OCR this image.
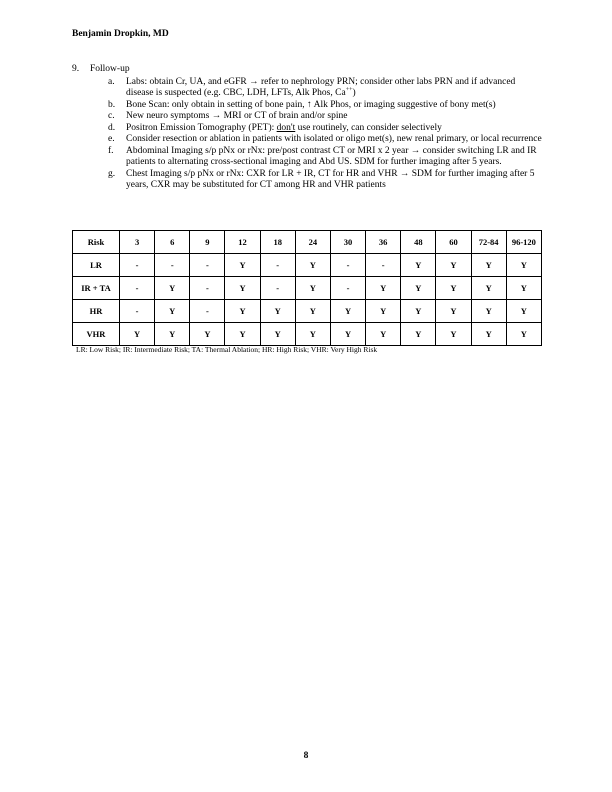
Benjamin Dropkin, MD
9.	Follow-up
a.	Labs: obtain Cr, UA, and eGFR → refer to nephrology PRN; consider other labs PRN and if advanced disease is suspected (e.g. CBC, LDH, LFTs, Alk Phos, Ca++)
b.	Bone Scan: only obtain in setting of bone pain, ↑ Alk Phos, or imaging suggestive of bony met(s)
c.	New neuro symptoms → MRI or CT of brain and/or spine
d.	Positron Emission Tomography (PET): don't use routinely, can consider selectively
e.	Consider resection or ablation in patients with isolated or oligo met(s), new renal primary, or local recurrence
f.	Abdominal Imaging s/p pNx or rNx: pre/post contrast CT or MRI x 2 year → consider switching LR and IR patients to alternating cross-sectional imaging and Abd US. SDM for further imaging after 5 years.
g.	Chest Imaging s/p pNx or rNx: CXR for LR + IR, CT for HR and VHR → SDM for further imaging after 5 years, CXR may be substituted for CT among HR and VHR patients
Risk	3	6	9	12	18	24	30	36	48	60	72-84	96-120
LR	-	-	-	Y	-	Y	-	-	Y	Y	Y	Y
IR + TA	-	Y	-	Y	-	Y	-	Y	Y	Y	Y	Y
HR	-	Y	-	Y	Y	Y	Y	Y	Y	Y	Y	Y
VHR	Y	Y	Y	Y	Y	Y	Y	Y	Y	Y	Y	Y
LR: Low Risk; IR: Intermediate Risk; TA: Thermal Ablation; HR: High Risk; VHR: Very High Risk
8
